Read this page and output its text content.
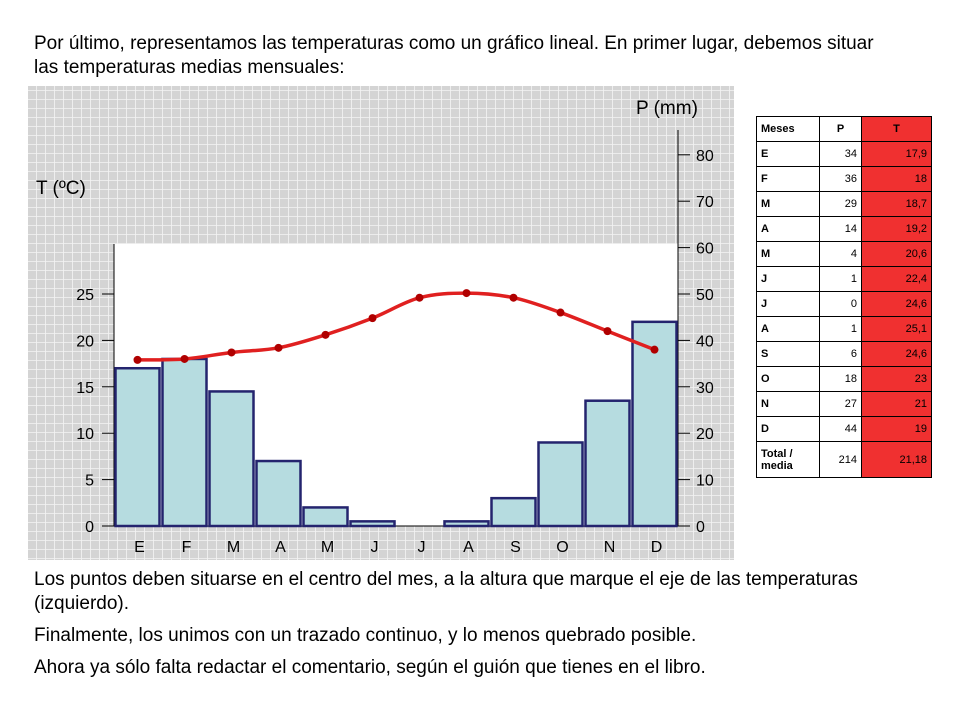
Por último, representamos las temperaturas como un gráfico lineal. En primer lugar, debemos situar las temperaturas medias mensuales:

0
5
10
15
20
25
0
10
20
30
40
50
60
70
80
E F M A M J J A S O N D
T (ºC)
P (mm)
Meses	P	T
E	34	17,9
F	36	18
M	29	18,7
A	14	19,2
M	4	20,6
J	1	22,4
J	0	24,6
A	1	25,1
S	6	24,6
O	18	23
N	27	21
D	44	19
Total / media	214	21,18

Los puntos deben situarse en el centro del mes, a la altura que marque el eje de las temperaturas (izquierdo).

Finalmente, los unimos con un trazado continuo, y lo menos quebrado posible.

Ahora ya sólo falta redactar el comentario, según el guión que tienes en el libro.
